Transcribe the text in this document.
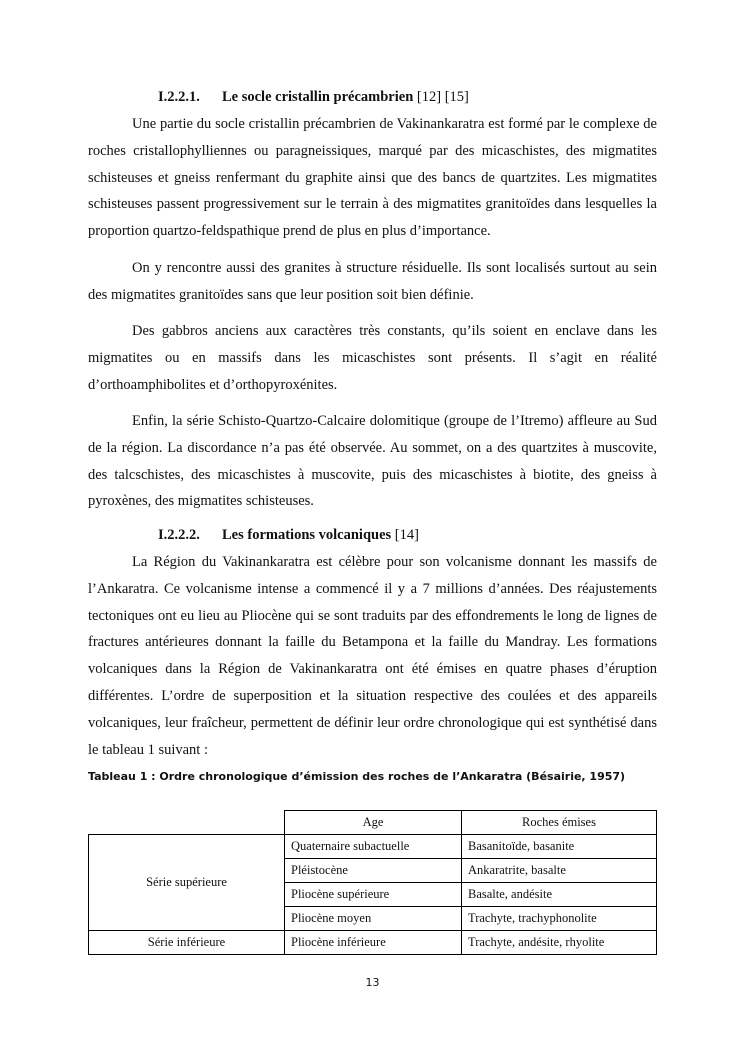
I.2.2.1. Le socle cristallin précambrien [12] [15]

Une partie du socle cristallin précambrien de Vakinankaratra est formé par le complexe de roches cristallophylliennes ou paragneissiques, marqué par des micaschistes, des migmatites schisteuses et gneiss renfermant du graphite ainsi que des bancs de quartzites. Les migmatites schisteuses passent progressivement sur le terrain à des migmatites granitoïdes dans lesquelles la proportion quartzo-feldspathique prend de plus en plus d’importance.

On y rencontre aussi des granites à structure résiduelle. Ils sont localisés surtout au sein des migmatites granitoïdes sans que leur position soit bien définie.

Des gabbros anciens aux caractères très constants, qu’ils soient en enclave dans les migmatites ou en massifs dans les micaschistes sont présents. Il s’agit en réalité d’orthoamphibolites et d’orthopyroxénites.

Enfin, la série Schisto-Quartzo-Calcaire dolomitique (groupe de l’Itremo) affleure au Sud de la région. La discordance n’a pas été observée. Au sommet, on a des quartzites à muscovite, des talcschistes, des micaschistes à muscovite, puis des micaschistes à biotite, des gneiss à pyroxènes, des migmatites schisteuses.

I.2.2.2. Les formations volcaniques [14]

La Région du Vakinankaratra est célèbre pour son volcanisme donnant les massifs de l’Ankaratra. Ce volcanisme intense a commencé il y a 7 millions d’années. Des réajustements tectoniques ont eu lieu au Pliocène qui se sont traduits par des effondrements le long de lignes de fractures antérieures donnant la faille du Betampona et la faille du Mandray. Les formations volcaniques dans la Région de Vakinankaratra ont été émises en quatre phases d’éruption différentes. L’ordre de superposition et la situation respective des coulées et des appareils volcaniques, leur fraîcheur, permettent de définir leur ordre chronologique qui est synthétisé dans le tableau 1 suivant :

Tableau 1 : Ordre chronologique d’émission des roches de l’Ankaratra (Bésairie, 1957)
	Age	Roches émises
Série supérieure	Quaternaire subactuelle	Basanitoïde, basanite
	Pléistocène	Ankaratrite, basalte
	Pliocène supérieure	Basalte, andésite
	Pliocène moyen	Trachyte, trachyphonolite
Série inférieure	Pliocène inférieure	Trachyte, andésite, rhyolite
13
